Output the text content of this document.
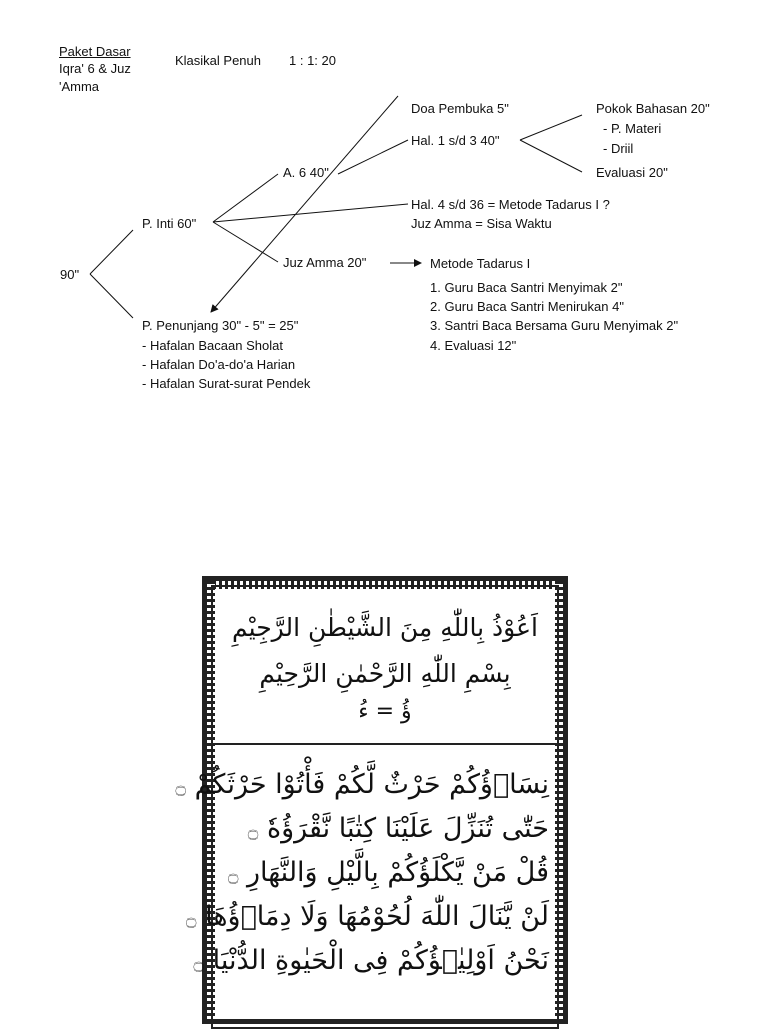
Paket Dasar
Iqra' 6 & Juz
'Amma
Klasikal Penuh 1 : 1: 20
90"
P. Inti 60"
A. 6 40"
Juz Amma 20"
Doa Pembuka 5"
Hal. 1 s/d 3 40"
Pokok Bahasan 20"
- P. Materi
- Driil
Evaluasi 20"
Hal. 4 s/d 36 = Metode Tadarus I ?
Juz Amma = Sisa Waktu
Metode Tadarus I
1. Guru Baca Santri Menyimak 2"
2. Guru Baca Santri Menirukan 4"
3. Santri Baca Bersama Guru Menyimak 2"
4. Evaluasi 12"
P. Penunjang 30" - 5" = 25"
- Hafalan Bacaan Sholat
- Hafalan Do'a-do'a Harian
- Hafalan Surat-surat Pendek
اَعُوْذُ بِاللّٰهِ مِنَ الشَّيْطٰنِ الرَّجِيْمِ
بِسْمِ اللّٰهِ الرَّحْمٰنِ الرَّحِيْمِ
ؤُ = ءُ
نِسَاۤؤُكُمْ حَرْثٌ لَّكُمْ فَأْتُوْا حَرْثَكُمْ ۝
حَتّٰى تُنَزِّلَ عَلَيْنَا كِتٰبًا نَّقْرَؤُهٗ ۝
قُلْ مَنْ يَّكْلَؤُكُمْ بِالَّيْلِ وَالنَّهَارِ ۝
لَنْ يَّنَالَ اللّٰهَ لُحُوْمُهَا وَلَا دِمَاۤؤُهَا ۝
نَحْنُ اَوْلِيٰۤؤُكُمْ فِى الْحَيٰوةِ الدُّنْيَا ۝
